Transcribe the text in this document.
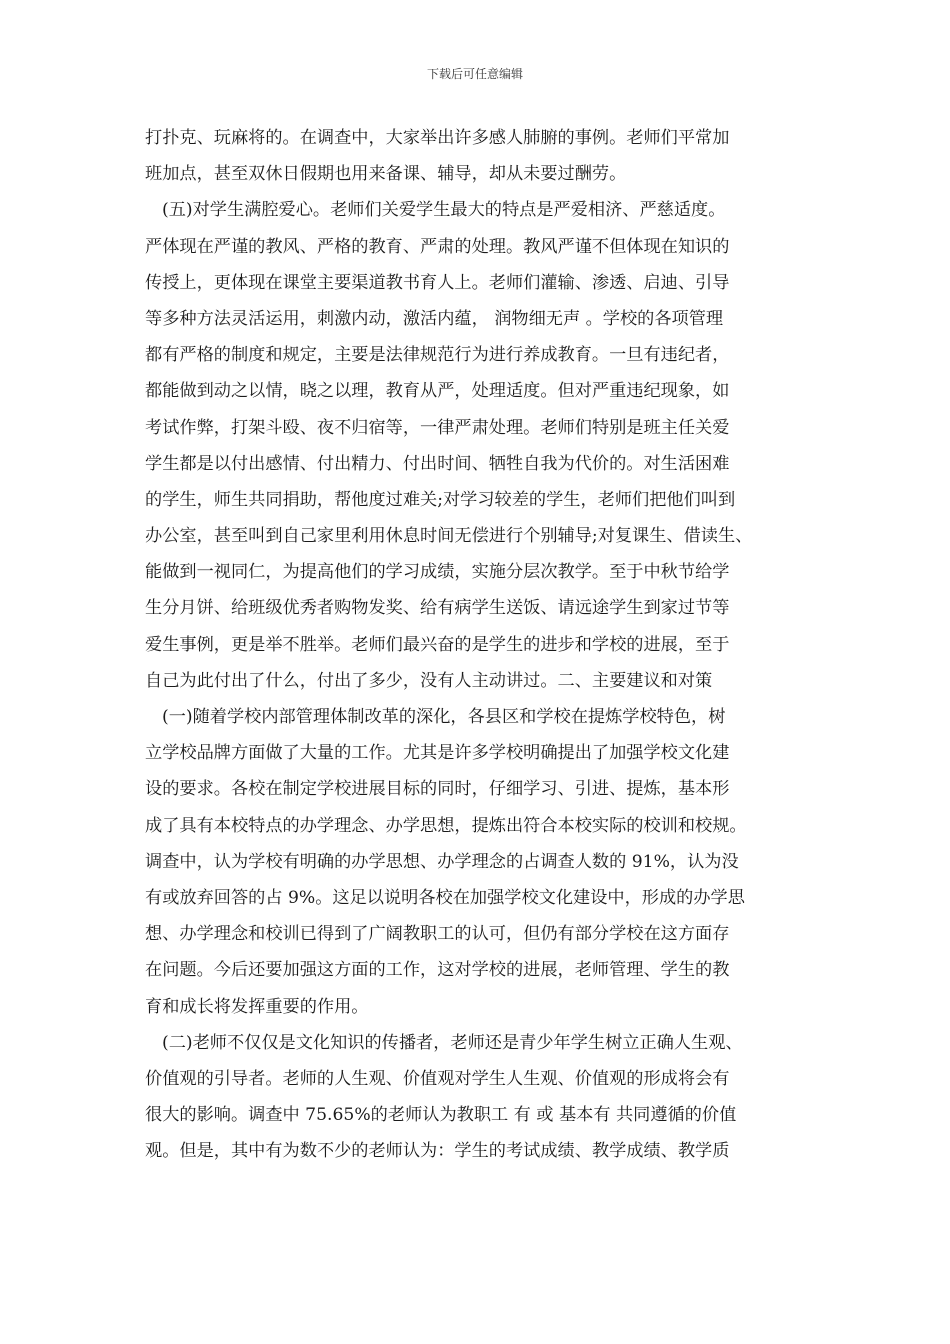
下载后可任意编辑
打扑克、玩麻将的。在调查中，大家举出许多感人肺腑的事例。老师们平常加
班加点，甚至双休日假期也用来备课、辅导，却从未要过酬劳。
(五)对学生满腔爱心。老师们关爱学生最大的特点是严爱相济、严慈适度。
严体现在严谨的教风、严格的教育、严肃的处理。教风严谨不但体现在知识的
传授上，更体现在课堂主要渠道教书育人上。老师们灌输、渗透、启迪、引导
等多种方法灵活运用，刺激内动，激活内蕴， 润物细无声 。学校的各项管理
都有严格的制度和规定，主要是法律规范行为进行养成教育。一旦有违纪者，
都能做到动之以情，晓之以理，教育从严，处理适度。但对严重违纪现象，如
考试作弊，打架斗殴、夜不归宿等，一律严肃处理。老师们特别是班主任关爱
学生都是以付出感情、付出精力、付出时间、牺牲自我为代价的。对生活困难
的学生，师生共同捐助，帮他度过难关;对学习较差的学生，老师们把他们叫到
办公室，甚至叫到自己家里利用休息时间无偿进行个别辅导;对复课生、借读生、
能做到一视同仁，为提高他们的学习成绩，实施分层次教学。至于中秋节给学
生分月饼、给班级优秀者购物发奖、给有病学生送饭、请远途学生到家过节等
爱生事例，更是举不胜举。老师们最兴奋的是学生的进步和学校的进展，至于
自己为此付出了什么，付出了多少，没有人主动讲过。二、主要建议和对策
(一)随着学校内部管理体制改革的深化，各县区和学校在提炼学校特色，树
立学校品牌方面做了大量的工作。尤其是许多学校明确提出了加强学校文化建
设的要求。各校在制定学校进展目标的同时，仔细学习、引进、提炼，基本形
成了具有本校特点的办学理念、办学思想，提炼出符合本校实际的校训和校规。
调查中，认为学校有明确的办学思想、办学理念的占调查人数的 91%，认为没
有或放弃回答的占 9%。这足以说明各校在加强学校文化建设中，形成的办学思
想、办学理念和校训已得到了广阔教职工的认可，但仍有部分学校在这方面存
在问题。今后还要加强这方面的工作，这对学校的进展，老师管理、学生的教
育和成长将发挥重要的作用。
(二)老师不仅仅是文化知识的传播者，老师还是青少年学生树立正确人生观、
价值观的引导者。老师的人生观、价值观对学生人生观、价值观的形成将会有
很大的影响。调查中 75.65%的老师认为教职工 有 或 基本有 共同遵循的价值
观。但是，其中有为数不少的老师认为：学生的考试成绩、教学成绩、教学质
